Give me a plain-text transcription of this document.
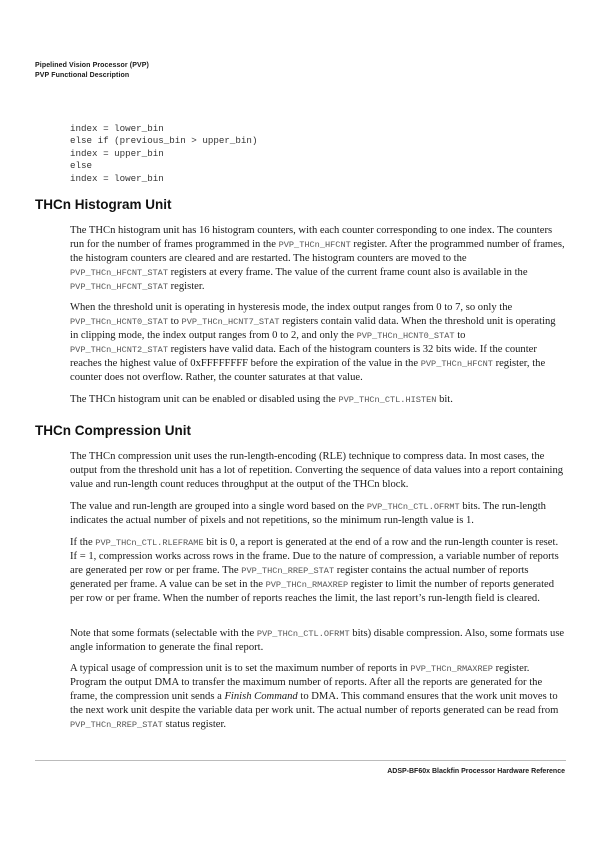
Pipelined Vision Processor (PVP)
PVP Functional Description
index = lower_bin
else if (previous_bin > upper_bin)
index = upper_bin
else
index = lower_bin
THCn Histogram Unit

The THCn histogram unit has 16 histogram counters, with each counter corresponding to one index. The counters run for the number of frames programmed in the PVP_THCn_HFCNT register. After the programmed number of frames, the histogram counters are cleared and are restarted. The histogram counters are moved to the PVP_THCn_HFCNT_STAT registers at every frame. The value of the current frame count also is available in the PVP_THCn_HFCNT_STAT register.

When the threshold unit is operating in hysteresis mode, the index output ranges from 0 to 7, so only the PVP_THCn_HCNT0_STAT to PVP_THCn_HCNT7_STAT registers contain valid data. When the threshold unit is operating in clipping mode, the index output ranges from 0 to 2, and only the PVP_THCn_HCNT0_STAT to PVP_THCn_HCNT2_STAT registers have valid data. Each of the histogram counters is 32 bits wide. If the counter reaches the highest value of 0xFFFFFFFF before the expiration of the value in the PVP_THCn_HFCNT register, the counter does not overflow. Rather, the counter saturates at that value.

The THCn histogram unit can be enabled or disabled using the PVP_THCn_CTL.HISTEN bit.

THCn Compression Unit

The THCn compression unit uses the run-length-encoding (RLE) technique to compress data. In most cases, the output from the threshold unit has a lot of repetition. Converting the sequence of data values into a report containing value and run-length count reduces throughput at the output of the THCn block.

The value and run-length are grouped into a single word based on the PVP_THCn_CTL.OFRMT bits. The run-length indicates the actual number of pixels and not repetitions, so the minimum run-length value is 1.

If the PVP_THCn_CTL.RLEFRAME bit is 0, a report is generated at the end of a row and the run-length counter is reset. If = 1, compression works across rows in the frame. Due to the nature of compression, a variable number of reports are generated per row or per frame. The PVP_THCn_RREP_STAT register contains the actual number of reports generated per frame. A value can be set in the PVP_THCn_RMAXREP register to limit the number of reports generated per row or per frame. When the number of reports reaches the limit, the last report’s run-length field is cleared.

Note that some formats (selectable with the PVP_THCn_CTL.OFRMT bits) disable compression. Also, some formats use angle information to generate the final report.

A typical usage of compression unit is to set the maximum number of reports in PVP_THCn_RMAXREP register. Program the output DMA to transfer the maximum number of reports. After all the reports are generated for the frame, the compression unit sends a Finish Command to DMA. This command ensures that the work unit moves to the next work unit despite the variable data per work unit. The actual number of reports generated can be read from PVP_THCn_RREP_STAT status register.

ADSP-BF60x Blackfin Processor Hardware Reference
